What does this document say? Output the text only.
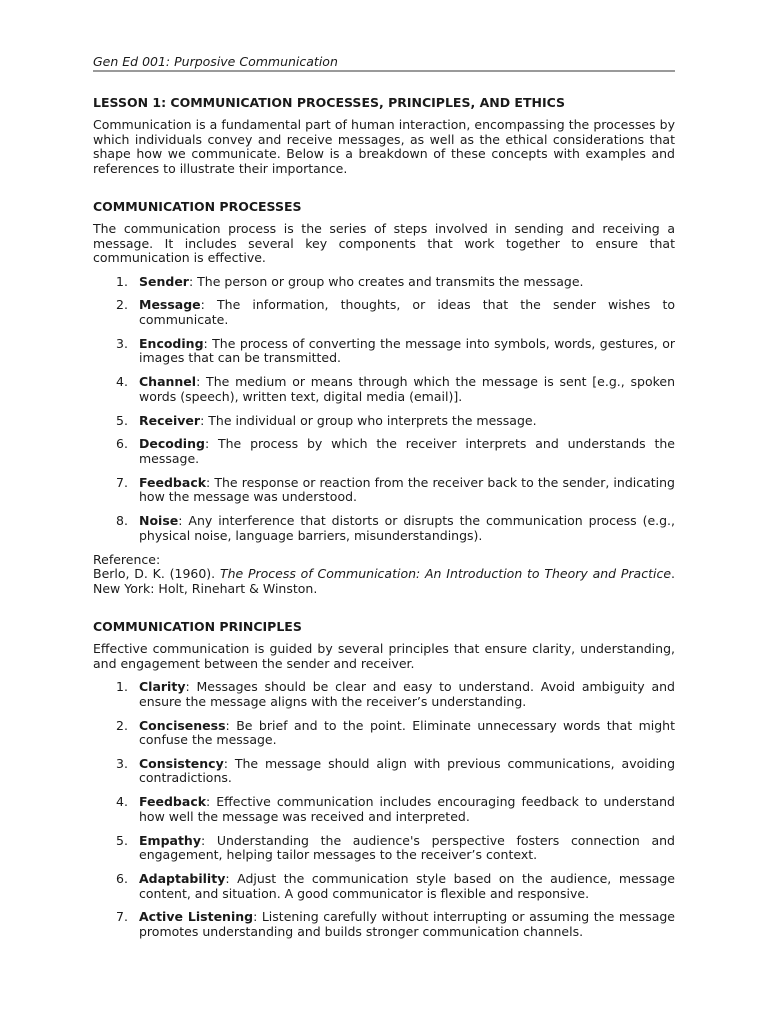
Gen Ed 001: Purposive Communication
LESSON 1: COMMUNICATION PROCESSES, PRINCIPLES, AND ETHICS

Communication is a fundamental part of human interaction, encompassing the processes by which individuals convey and receive messages, as well as the ethical considerations that shape how we communicate. Below is a breakdown of these concepts with examples and references to illustrate their importance.

COMMUNICATION PROCESSES

The communication process is the series of steps involved in sending and receiving a message. It includes several key components that work together to ensure that communication is effective.

1. Sender: The person or group who creates and transmits the message.
2. Message: The information, thoughts, or ideas that the sender wishes to communicate.
3. Encoding: The process of converting the message into symbols, words, gestures, or images that can be transmitted.
4. Channel: The medium or means through which the message is sent [e.g., spoken words (speech), written text, digital media (email)].
5. Receiver: The individual or group who interprets the message.
6. Decoding: The process by which the receiver interprets and understands the message.
7. Feedback: The response or reaction from the receiver back to the sender, indicating how the message was understood.
8. Noise: Any interference that distorts or disrupts the communication process (e.g., physical noise, language barriers, misunderstandings).

Reference:
Berlo, D. K. (1960). The Process of Communication: An Introduction to Theory and Practice. New York: Holt, Rinehart & Winston.

COMMUNICATION PRINCIPLES

Effective communication is guided by several principles that ensure clarity, understanding, and engagement between the sender and receiver.

1. Clarity: Messages should be clear and easy to understand. Avoid ambiguity and ensure the message aligns with the receiver’s understanding.
2. Conciseness: Be brief and to the point. Eliminate unnecessary words that might confuse the message.
3. Consistency: The message should align with previous communications, avoiding contradictions.
4. Feedback: Effective communication includes encouraging feedback to understand how well the message was received and interpreted.
5. Empathy: Understanding the audience's perspective fosters connection and engagement, helping tailor messages to the receiver’s context.
6. Adaptability: Adjust the communication style based on the audience, message content, and situation. A good communicator is flexible and responsive.
7. Active Listening: Listening carefully without interrupting or assuming the message promotes understanding and builds stronger communication channels.
